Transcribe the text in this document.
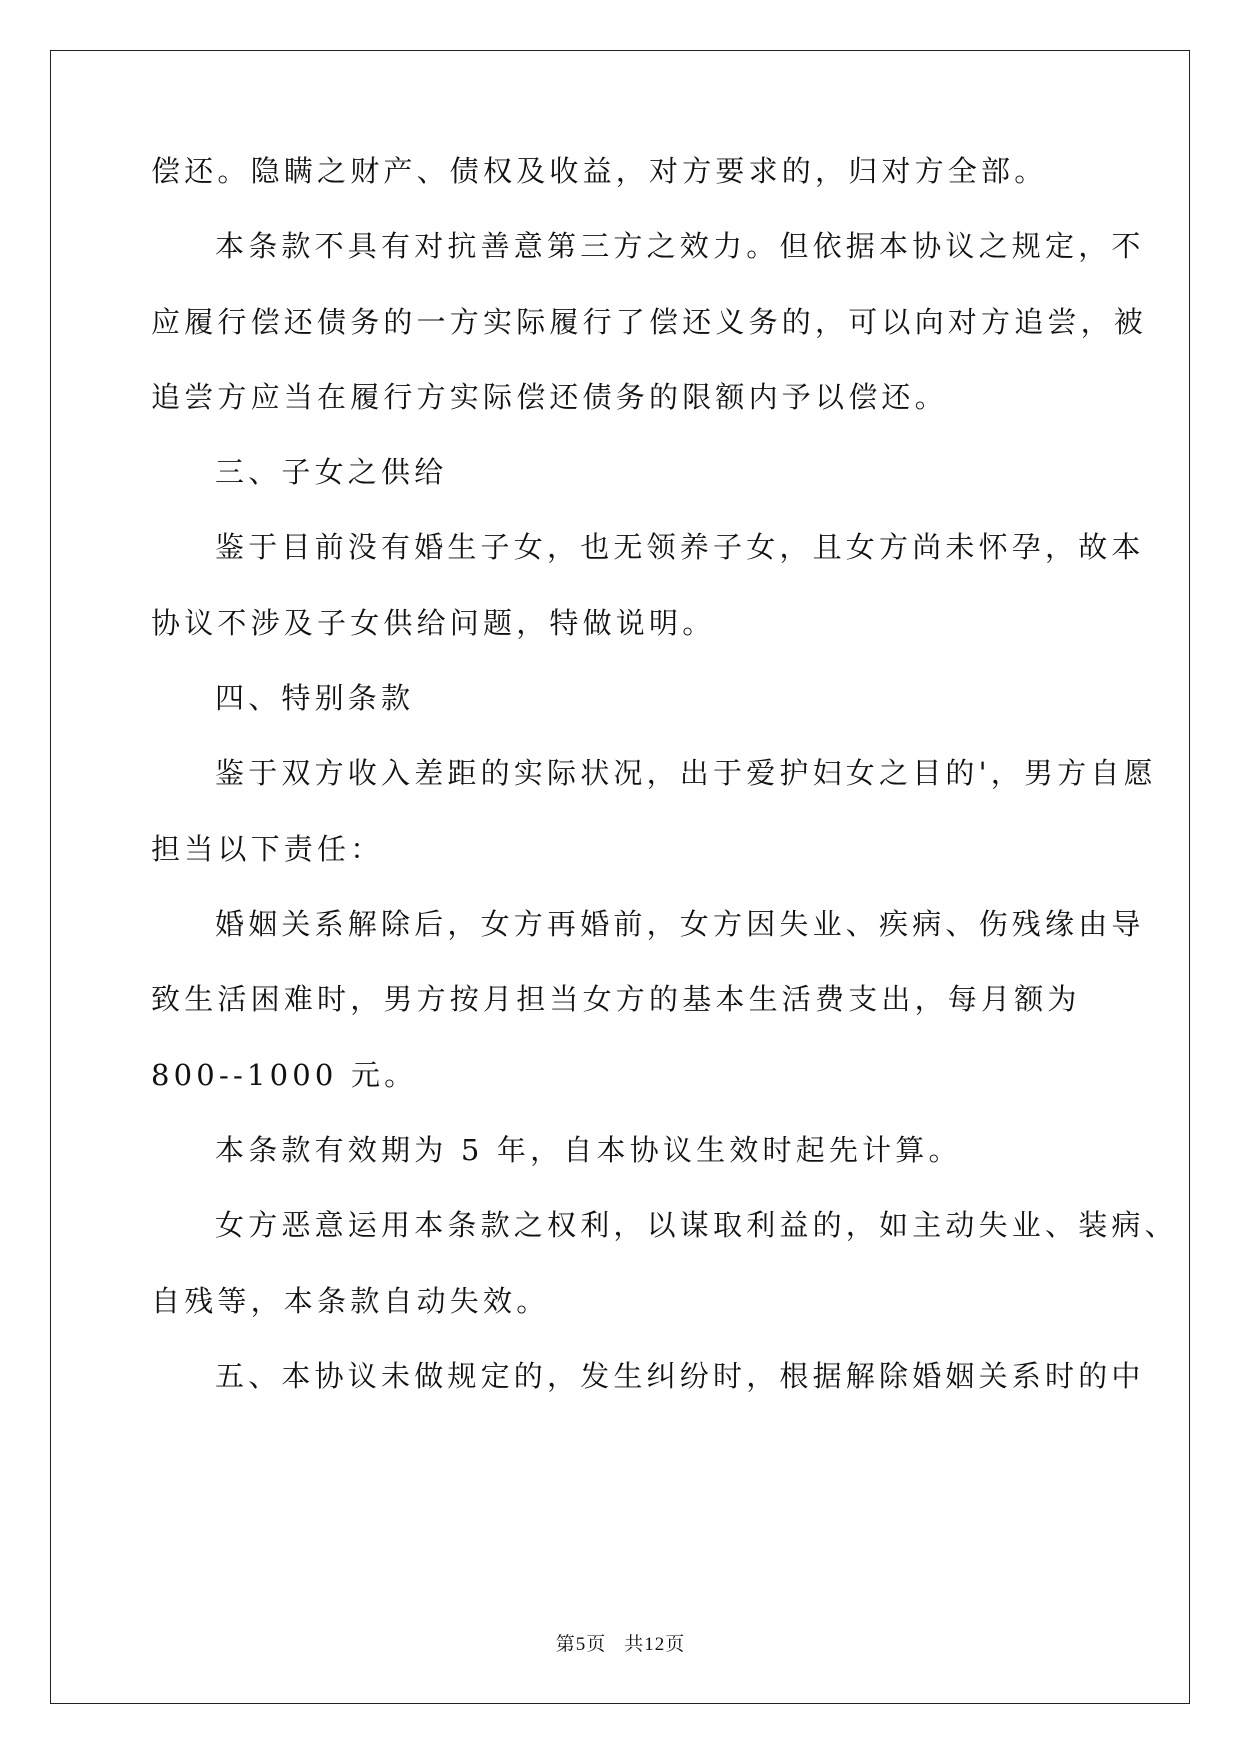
偿还。隐瞒之财产、债权及收益，对方要求的，归对方全部。
本条款不具有对抗善意第三方之效力。但依据本协议之规定，不
应履行偿还债务的一方实际履行了偿还义务的，可以向对方追尝，被
追尝方应当在履行方实际偿还债务的限额内予以偿还。
三、子女之供给
鉴于目前没有婚生子女，也无领养子女，且女方尚未怀孕，故本
协议不涉及子女供给问题，特做说明。
四、特别条款
鉴于双方收入差距的实际状况，出于爱护妇女之目的'，男方自愿
担当以下责任：
婚姻关系解除后，女方再婚前，女方因失业、疾病、伤残缘由导
致生活困难时，男方按月担当女方的基本生活费支出，每月额为
800--1000 元。
本条款有效期为 5 年，自本协议生效时起先计算。
女方恶意运用本条款之权利，以谋取利益的，如主动失业、装病、
自残等，本条款自动失效。
五、本协议未做规定的，发生纠纷时，根据解除婚姻关系时的中
第5页 共12页
